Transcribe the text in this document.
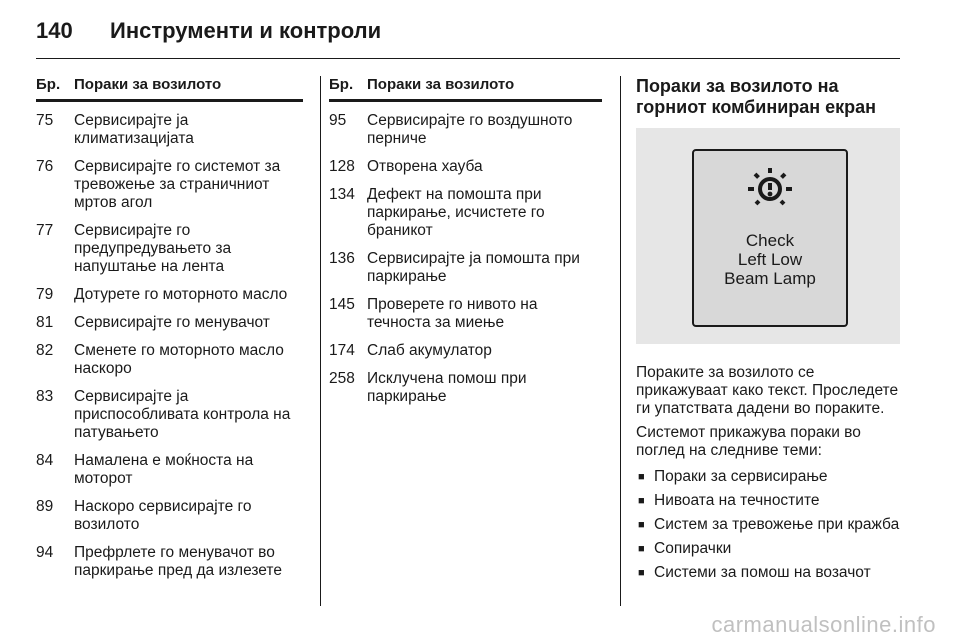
140 Инструменти и контроли
Бр. Пораки за возилото
75	Сервисирајте ја климатизацијата
76	Сервисирајте го системот за тревожење за страничниот мртов агол
77	Сервисирајте го предупредувањето за напуштање на лента
79	Дотурете го моторното масло
81	Сервисирајте го менувачот
82	Сменете го моторното масло наскоро
83	Сервисирајте ја приспособливата контрола на патувањето
84	Намалена е моќноста на моторот
89	Наскоро сервисирајте го возилото
94	Префрлете го менувачот во паркирање пред да излезете
Бр. Пораки за возилото
95	Сервисирајте го воздушното перниче
128 Отворена хауба
134 Дефект на помошта при паркирање, исчистете го браникот
136 Сервисирајте ја помошта при паркирање
145 Проверете го нивото на течноста за миење
174 Слаб акумулатор
258 Исклучена помош при паркирање
Пораки за возилото на горниот комбиниран екран
Check
Left Low
Beam Lamp

Пораките за возилото се прикажуваат како текст. Проследете ги упатствата дадени во пораките.

Системот прикажува пораки во поглед на следниве теми:

■ Пораки за сервисирање
■ Нивоата на течностите
■ Систем за тревожење при кражба
■ Сопирачки
■ Системи за помош на возачот
carmanualsonline.info
